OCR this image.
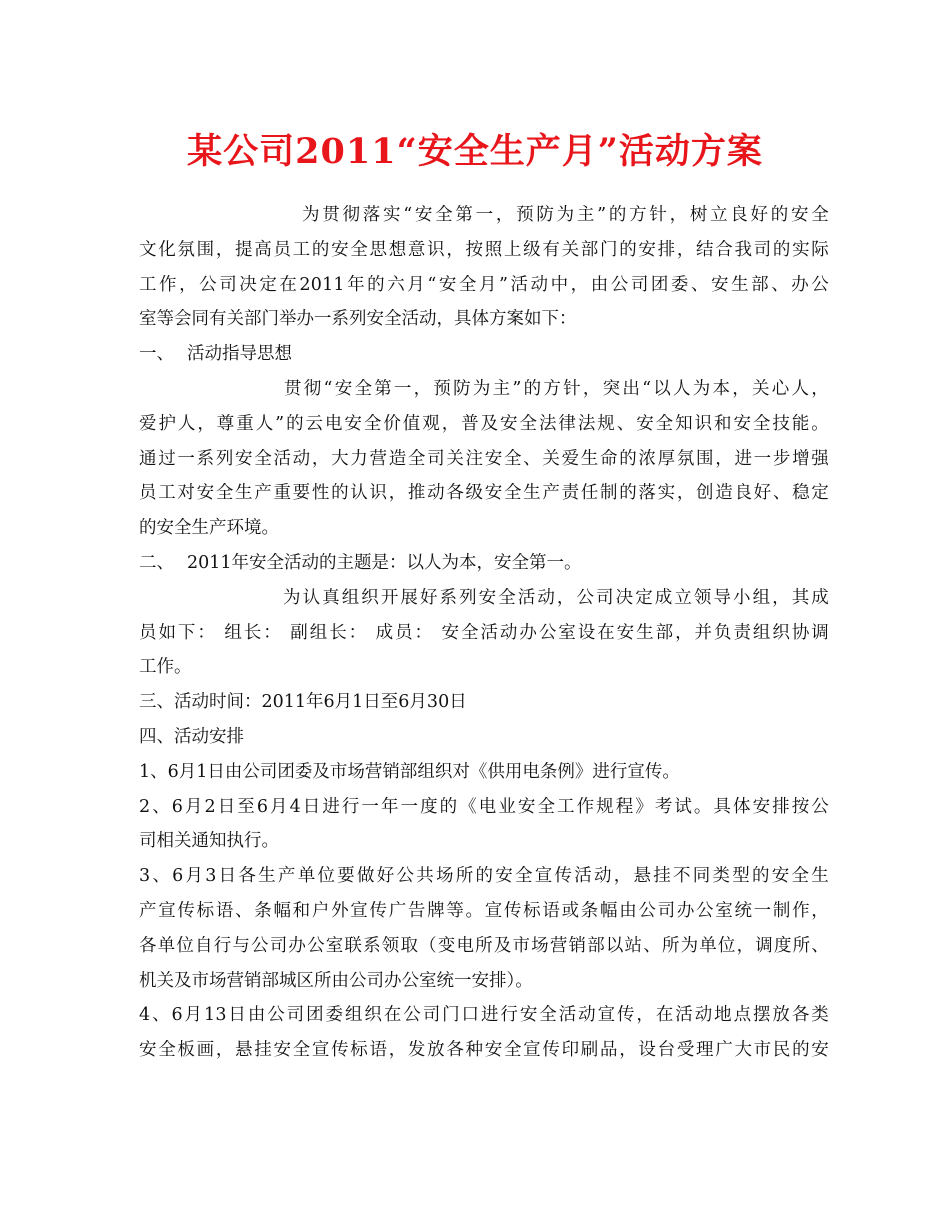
某公司2011“安全生产月”活动方案
为贯彻落实“安全第一，预防为主”的方针，树立良好的安全
文化氛围，提高员工的安全思想意识，按照上级有关部门的安排，结合我司的实际
工作，公司决定在2011年的六月“安全月”活动中，由公司团委、安生部、办公
室等会同有关部门举办一系列安全活动，具体方案如下：
一、 活动指导思想
贯彻“安全第一，预防为主”的方针，突出“以人为本，关心人，
爱护人，尊重人”的云电安全价值观，普及安全法律法规、安全知识和安全技能。
通过一系列安全活动，大力营造全司关注安全、关爱生命的浓厚氛围，进一步增强
员工对安全生产重要性的认识，推动各级安全生产责任制的落实，创造良好、稳定
的安全生产环境。
二、 2011年安全活动的主题是：以人为本，安全第一。
为认真组织开展好系列安全活动，公司决定成立领导小组，其成
员如下： 组长： 副组长： 成员： 安全活动办公室设在安生部，并负责组织协调
工作。
三、活动时间：2011年6月1日至6月30日
四、活动安排
1、6月1日由公司团委及市场营销部组织对《供用电条例》进行宣传。
2、6月2日至6月4日进行一年一度的《电业安全工作规程》考试。具体安排按公
司相关通知执行。
3、6月3日各生产单位要做好公共场所的安全宣传活动，悬挂不同类型的安全生
产宣传标语、条幅和户外宣传广告牌等。宣传标语或条幅由公司办公室统一制作，
各单位自行与公司办公室联系领取（变电所及市场营销部以站、所为单位，调度所、
机关及市场营销部城区所由公司办公室统一安排）。
4、6月13日由公司团委组织在公司门口进行安全活动宣传，在活动地点摆放各类
安全板画，悬挂安全宣传标语，发放各种安全宣传印刷品，设台受理广大市民的安
